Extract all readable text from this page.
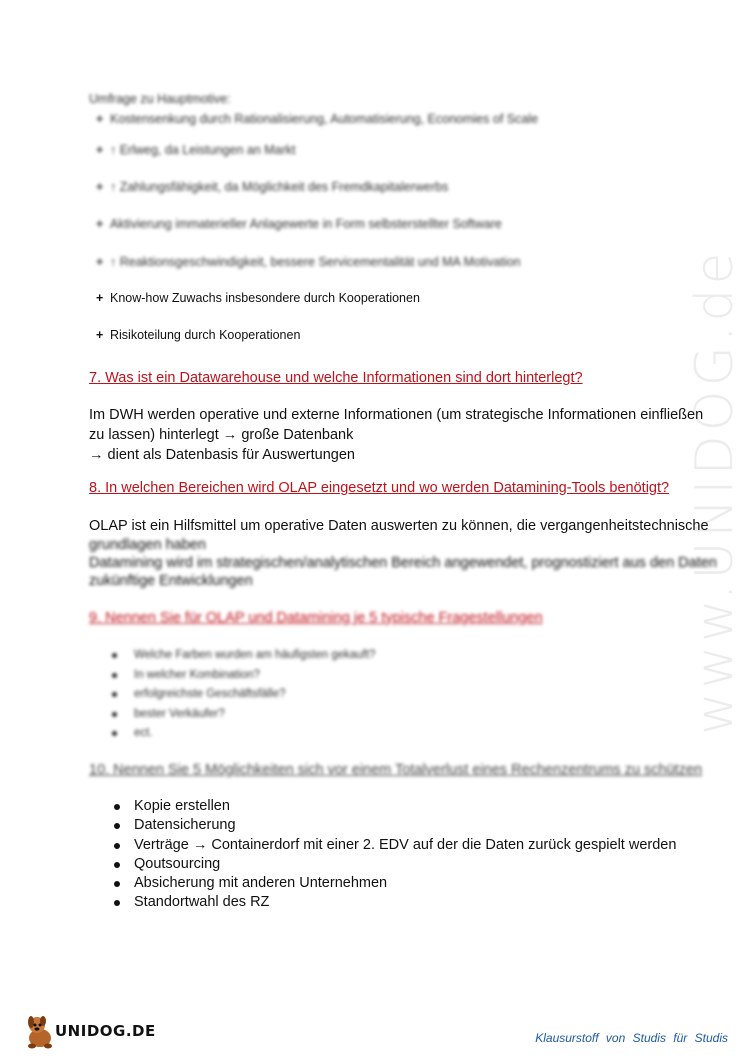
www.UNIDOG.de
Umfrage zu Hauptmotive:
+ Kostensenkung durch Rationalisierung, Automatisierung, Economies of Scale
+ ↑ Erlweg, da Leistungen an Markt
+ ↑ Zahlungsfähigkeit, da Möglichkeit des Fremdkapitalerwerbs
+ Aktivierung immaterieller Anlagewerte in Form selbsterstellter Software
+ ↑ Reaktionsgeschwindigkeit, bessere Servicementalität und MA Motivation
+ Know-how Zuwachs insbesondere durch Kooperationen
+ Risikoteilung durch Kooperationen
7. Was ist ein Datawarehouse und welche Informationen sind dort hinterlegt?
Im DWH werden operative und externe Informationen (um strategische Informationen einfließen
zu lassen) hinterlegt → große Datenbank
→ dient als Datenbasis für Auswertungen
8. In welchen Bereichen wird OLAP eingesetzt und wo werden Datamining-Tools benötigt?
OLAP ist ein Hilfsmittel um operative Daten auswerten zu können, die vergangenheitstechnische
grundlagen haben
Datamining wird im strategischen/analytischen Bereich angewendet, prognostiziert aus den Daten
zukünftige Entwicklungen
9. Nennen Sie für OLAP und Datamining je 5 typische Fragestellungen
Welche Farben wurden am häufigsten gekauft?
In welcher Kombination?
erfolgreichste Geschäftsfälle?
bester Verkäufer?
ect.
10. Nennen Sie 5 Möglichkeiten sich vor einem Totalverlust eines Rechenzentrums zu schützen
Kopie erstellen
Datensicherung
Verträge → Containerdorf mit einer 2. EDV auf der die Daten zurück gespielt werden
Qoutsourcing
Absicherung mit anderen Unternehmen
Standortwahl des RZ
UNIDOG.DE	Klausurstoff von Studis für Studis
